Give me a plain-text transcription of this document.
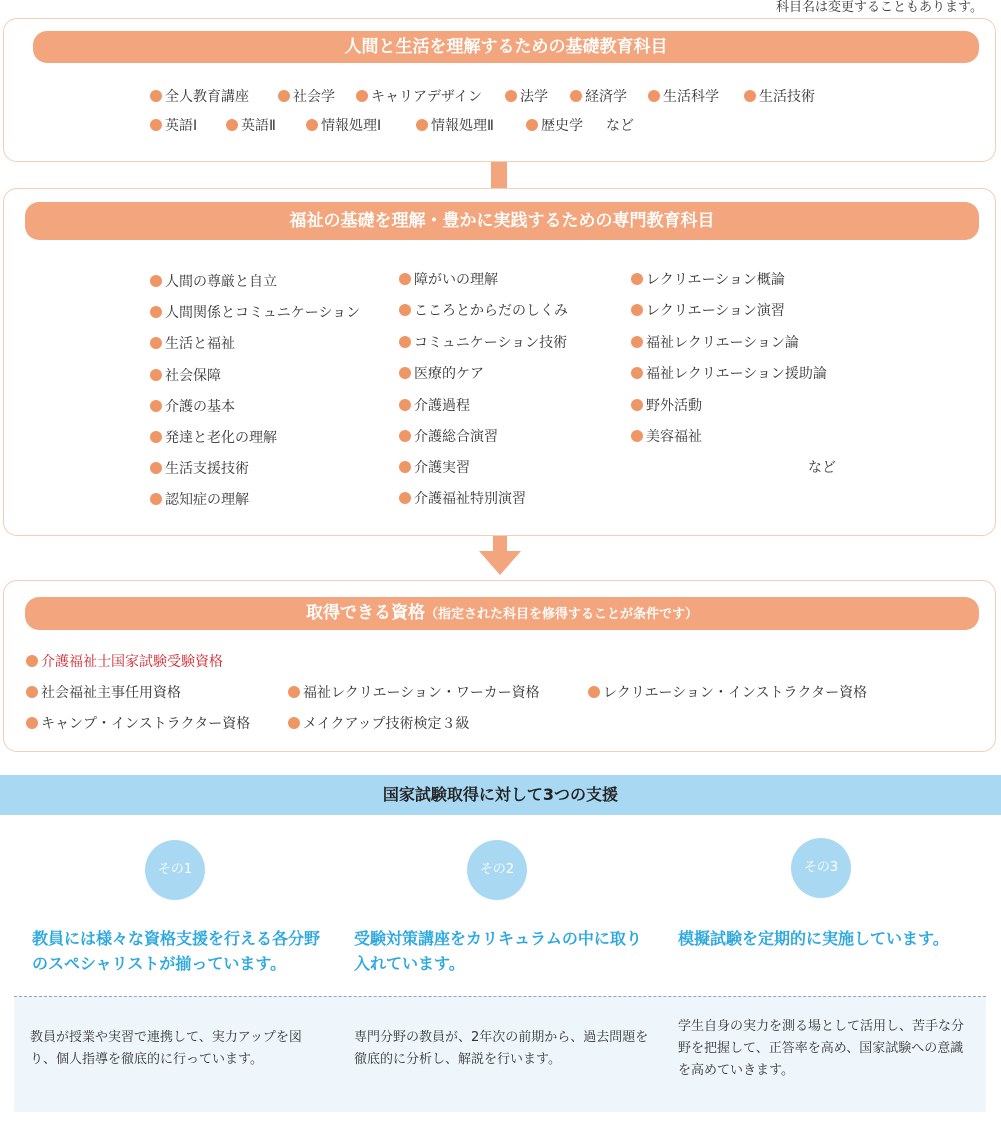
科目名は変更することもあります。
人間と生活を理解するための基礎教育科目
全人教育講座	社会学	キャリアデザイン	法学	経済学	生活科学	生活技術
英語Ⅰ	英語Ⅱ	情報処理Ⅰ	情報処理Ⅱ	歴史学 など
福祉の基礎を理解・豊かに実践するための専門教育科目
人間の尊厳と自立
人間関係とコミュニケーション
生活と福祉
社会保障
介護の基本
発達と老化の理解
生活支援技術
認知症の理解
障がいの理解
こころとからだのしくみ
コミュニケーション技術
医療的ケア
介護過程
介護総合演習
介護実習
介護福祉特別演習
レクリエーション概論
レクリエーション演習
福祉レクリエーション論
福祉レクリエーション援助論
野外活動
美容福祉
など
取得できる資格（指定された科目を修得することが条件です）
介護福祉士国家試験受験資格
社会福祉主事任用資格	福祉レクリエーション・ワーカー資格	レクリエーション・インストラクター資格
キャンプ・インストラクター資格	メイクアップ技術検定３級
国家試験取得に対して3つの支援
その1	その2	その3
教員には様々な資格支援を行える各分野のスペシャリストが揃っています。
受験対策講座をカリキュラムの中に取り入れています。
模擬試験を定期的に実施しています。
教員が授業や実習で連携して、実力アップを図り、個人指導を徹底的に行っています。
専門分野の教員が、2年次の前期から、過去問題を徹底的に分析し、解説を行います。
学生自身の実力を測る場として活用し、苦手な分野を把握して、正答率を高め、国家試験への意識を高めていきます。
